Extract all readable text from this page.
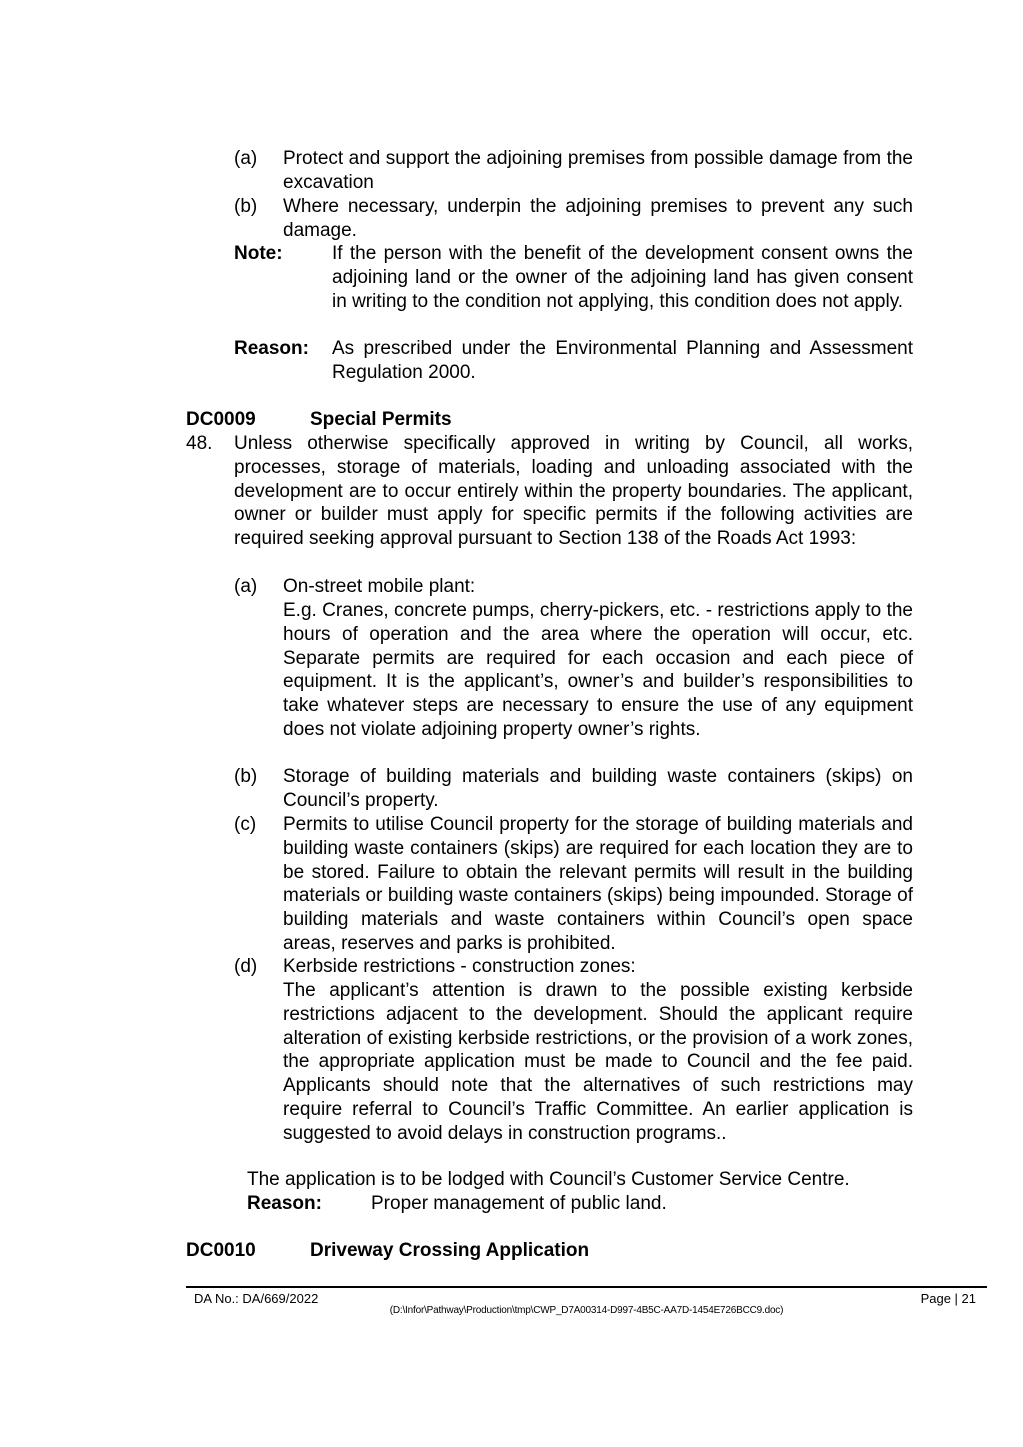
(a) Protect and support the adjoining premises from possible damage from the excavation
(b) Where necessary, underpin the adjoining premises to prevent any such damage.
Note:	If the person with the benefit of the development consent owns the adjoining land or the owner of the adjoining land has given consent in writing to the condition not applying, this condition does not apply.
Reason: As prescribed under the Environmental Planning and Assessment Regulation 2000.
DC0009	Special Permits
48. Unless otherwise specifically approved in writing by Council, all works, processes, storage of materials, loading and unloading associated with the development are to occur entirely within the property boundaries. The applicant, owner or builder must apply for specific permits if the following activities are required seeking approval pursuant to Section 138 of the Roads Act 1993:
(a) On-street mobile plant:
E.g. Cranes, concrete pumps, cherry-pickers, etc. - restrictions apply to the hours of operation and the area where the operation will occur, etc. Separate permits are required for each occasion and each piece of equipment. It is the applicant’s, owner’s and builder’s responsibilities to take whatever steps are necessary to ensure the use of any equipment does not violate adjoining property owner’s rights.
(b) Storage of building materials and building waste containers (skips) on Council’s property.
(c) Permits to utilise Council property for the storage of building materials and building waste containers (skips) are required for each location they are to be stored. Failure to obtain the relevant permits will result in the building materials or building waste containers (skips) being impounded. Storage of building materials and waste containers within Council’s open space areas, reserves and parks is prohibited.
(d) Kerbside restrictions - construction zones:
The applicant’s attention is drawn to the possible existing kerbside restrictions adjacent to the development. Should the applicant require alteration of existing kerbside restrictions, or the provision of a work zones, the appropriate application must be made to Council and the fee paid. Applicants should note that the alternatives of such restrictions may require referral to Council’s Traffic Committee. An earlier application is suggested to avoid delays in construction programs..
The application is to be lodged with Council’s Customer Service Centre.
Reason:	Proper management of public land.
DC0010	Driveway Crossing Application
DA No.: DA/669/2022	Page | 21
(D:\Infor\Pathway\Production\tmp\CWP_D7A00314-D997-4B5C-AA7D-1454E726BCC9.doc)
